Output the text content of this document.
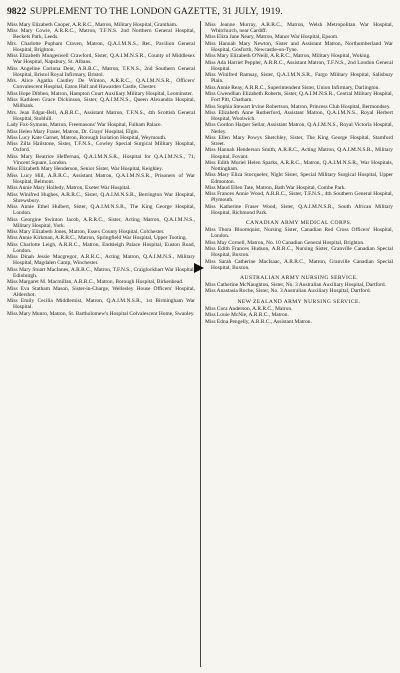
9822 SUPPLEMENT TO THE LONDON GAZETTE, 31 JULY, 1919.
Miss Mary Elizabeth Cooper, A.R.R.C., Matron, Military Hospital, Grantham.
Miss Mary Cowie, A.R.R.C., Matron, T.F.N.S. 2nd Northern General Hospital, Beckets Park, Leeds.
Mrs. Charlotte Popham Craven, Matron, Q.A.I.M.N.S., Ret., Pavilion General Hospital, Brighton.
Miss Elizabeth Mungeswell Crawford, Sister, Q.A.I.M.N.S.R., County of Middlesex War Hospital, Napsbury, St. Albans.
Miss Angeline Corinna Dent, A.R.R.C., Matron, T.F.N.S., 2nd Southern General Hospital, Bristol Royal Infirmary, Bristol.
Mrs. Alice Agatha Cautley De Winton, A.R.R.C., Q.A.I.M.N.S.R., Officers' Convalescent Hospital, Eaton Hall and Hawarden Castle, Chester.
Miss Hope Dibben, Matron, Hampton Court Auxiliary Military Hospital, Leominster.
Miss Kathleen Grace Dickinson, Sister, Q.A.I.M.N.S., Queen Alexandra Hospital, Millbank.
Mrs. Jean Edgar-Bell, A.R.R.C., Assistant Matron, T.F.N.S., 4th Scottish General Hospital, Stobhill.
Lady Fox-Symons, Matron, Freemasons' War Hospital, Fulham Palace.
Miss Helen Mary Fraser, Matron, Dr. Grays' Hospital, Elgin.
Miss Lucy Kate Garnet, Matron, Borough Isolation Hospital, Weymouth.
Miss Zilla Hailstone, Sister, T.F.N.S., Cowley Special Surgical Military Hospital, Oxford.
Miss Mary Beatrice Heffernan, Q.A.I.M.N.S.R., Hospital for Q.A.I.M.N.S., 71, Vincent Square, London.
Miss Elizabeth Mary Henderson, Senior Sister, War Hospital, Keighley.
Miss Lucy Hill, A.R.R.C., Assistant Matron, Q.A.I.M.N.S.R., Prisoners of War Hospital, Belmont.
Miss Annie Mary Holledy, Matron, Exeter War Hospital.
Miss Winifred Hughes, A.R.R.C., Sister, Q.A.I.M.N.S.R., Berrington War Hospital, Shrewsbury.
Miss Annie Ethel Hulbert, Sister, Q.A.I.M.N.S.R., The King George Hospital, London.
Miss Georgine Swinton Jacob, A.R.R.C., Sister, Acting Matron, Q.A.I.M.N.S., Military Hospital, York.
Miss Mary Elizabeth Jones, Matron, Essex County Hospital, Colchester.
Miss Annie Kirkman, A.R.R.C., Matron, Springfield War Hospital, Upper Tooting.
Miss Charlotte Leigh, A.R.R.C., Matron, Endsleigh Palace Hospital, Euston Road, London.
Miss Dinah Jessie Macgregor, A.R.R.C., Acting Matron, Q.A.I.M.N.S., Military Hospital, Magdalen Camp, Winchester.
Miss Mary Stuart MacInnes, A.R.R.C., Matron, T.F.N.S., Craiglockhart War Hospital, Edinburgh.
Miss Margaret M. Macmillan, A.R.R.C., Matron, Borough Hospital, Birkenhead.
Miss Eva Statham Mason, Sister-in-Charge, Wellesley House Officers' Hospital, Aldershot.
Miss Emily Cecilia Middlemist, Matron, Q.A.I.M.N.S.R., 1st Birmingham War Hospital.
Miss Mary Munro, Matron, St. Bartholomew's Hospital Colvalescent Home, Swanley.
Miss Jeanne Murray, A.R.R.C., Matron, Welsh Metropolitan War Hospital, Whitchurch, near Cardiff.
Miss Eliza Jane Neary, Matron, Manor War Hospital, Epsom.
Miss Hannah Mary Newton, Sister and Assistant Matron, Northumberland War Hospital, Gosforth, Newcastle-on-Tyne.
Miss Mary Elizabeth O'Neill, A.R.R.C., Matron, Military Hospital, Woking.
Miss Ada Harriet Peppler, A.R.R.C., Assistant Matron, T.F.N.S., 2nd London General Hospital.
Miss Winifred Ramsay, Sister, Q.A.I.M.N.S.R., Fargo Military Hospital, Salisbury Plain.
Miss Annie Reay, A.R.R.C., Superintendent Sister, Union Infirmary, Darlington.
Miss Gwendlian Elizabeth Roberts, Sister, Q.A.I.M.N.S.R., Central Military Hospital, Fort Pitt, Chatham.
Miss Sophia Stewart Irvine Robertson, Matron, Princess Club Hospital, Bermondsey.
Miss Elizabeth Anne Rutherford, Assistant Matron, Q.A.I.M.N.S., Royal Herbert Hospital, Woolwich.
Miss Gordon Harper Sellar, Assistant Matron, Q.A.I.M.N.S., Royal Victoria Hospital, Netley.
Miss Ellen Mary Powys Shetchley, Sister, The King George Hospital, Stamford Street.
Miss Hannah Henderson Smith, A.R.R.C., Acting Matron, Q.A.I.M.N.S.R., Military Hospital, Fovant.
Miss Edith Muriel Helen Sparks, A.R.R.C., Matron, Q.A.I.M.N.S.R., War Hospitals, Nottingham.
Miss Mary Eliza Stocqueler, Night Sister, Special Military Surgical Hospital, Upper Edmonton.
Miss Maud Ellen Tate, Matron, Bath War Hospital, Combe Park.
Miss Frances Annie Wood, A.R.R.C., Sister, T.F.N.S., 4th Southern General Hospital, Plymouth.
Miss Katherine Fraser Wood, Sister, Q.A.I.M.N.S.R., South African Military Hospital, Richmond Park.
CANADIAN ARMY MEDICAL CORPS.
Miss Thora Bloomquist, Nursing Sister, Canadian Red Cross Officers' Hospital, London.
Miss May Cornell, Matron, No. 10 Canadian General Hospital, Brighton.
Miss Edith Frances Hudson, A.R.R.C., Nursing Sister, Granville Canadian Special Hospital, Buxton.
Miss Sarah Catherine MacIsaac, A.R.R.C., Matron, Granville Canadian Special Hospital, Buxton.
AUSTRALIAN ARMY NURSING SERVICE.
Miss Catherine McNaughton, Sister, No. 3 Australian Auxiliary Hospital, Dartford.
Miss Anastasia Roche, Sister, No. 3 Australian Auxiliary Hospital, Dartford.
NEW ZEALAND ARMY NURSING SERVICE.
Miss Cora Anderson, A.R.R.C., Matron.
Miss Louie McNie, A.R.R.C., Matron.
Miss Edna Pengelly, A.R.R.C., Assistant Matron.
